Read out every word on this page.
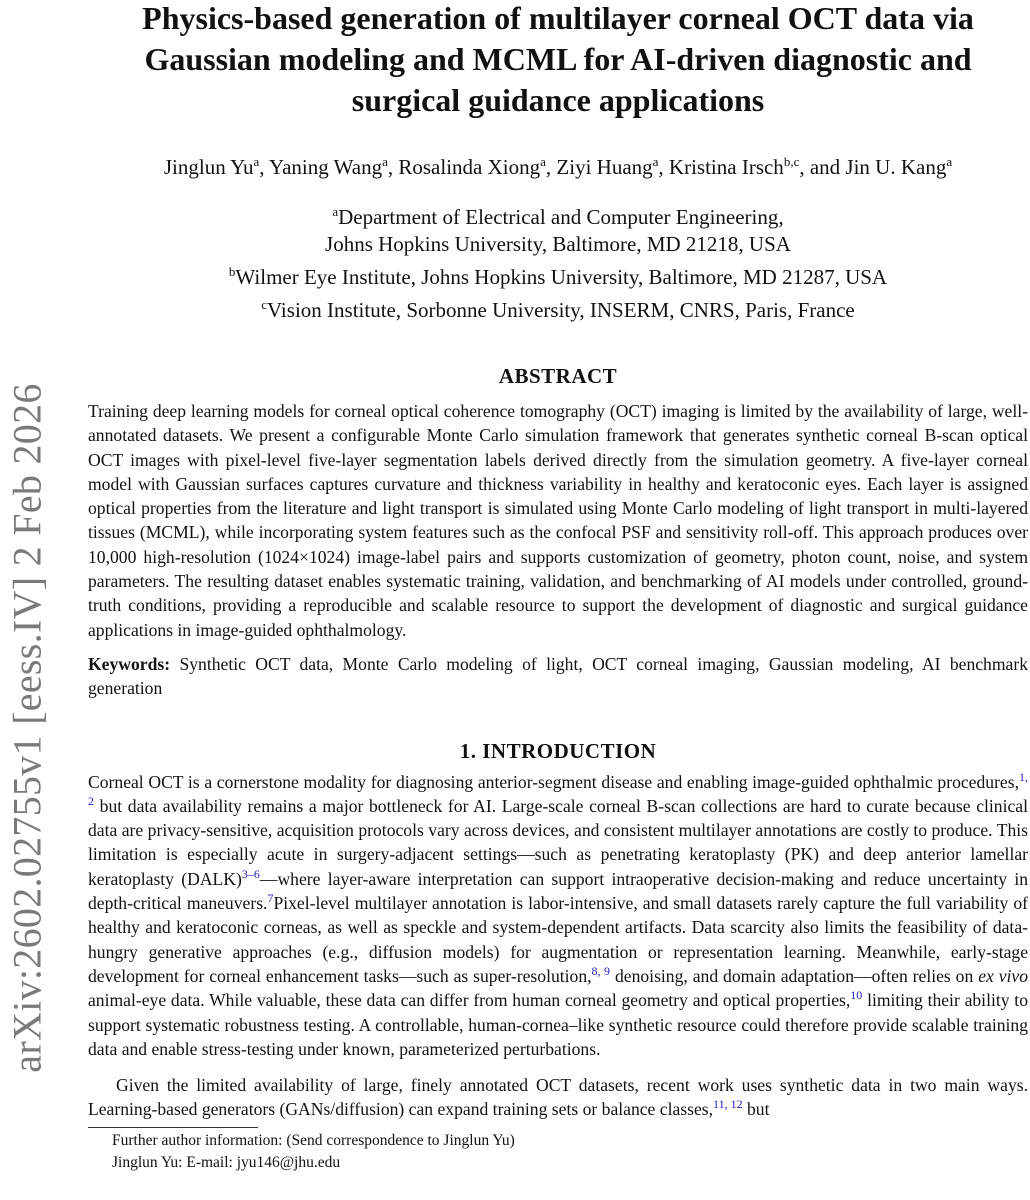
arXiv:2602.02755v1 [eess.IV] 2 Feb 2026
Physics-based generation of multilayer corneal OCT data via Gaussian modeling and MCML for AI-driven diagnostic and surgical guidance applications
Jinglun Yu$^a$, Yaning Wang$^a$, Rosalinda Xiong$^a$, Ziyi Huang$^a$, Kristina Irsch$^{b,c}$, and Jin U. Kang$^a$
$^a$Department of Electrical and Computer Engineering,
Johns Hopkins University, Baltimore, MD 21218, USA
$^b$Wilmer Eye Institute, Johns Hopkins University, Baltimore, MD 21287, USA
$^c$Vision Institute, Sorbonne University, INSERM, CNRS, Paris, France
ABSTRACT

Training deep learning models for corneal optical coherence tomography (OCT) imaging is limited by the availability of large, well-annotated datasets. We present a configurable Monte Carlo simulation framework that generates synthetic corneal B-scan optical OCT images with pixel-level five-layer segmentation labels derived directly from the simulation geometry. A five-layer corneal model with Gaussian surfaces captures curvature and thickness variability in healthy and keratoconic eyes. Each layer is assigned optical properties from the literature and light transport is simulated using Monte Carlo modeling of light transport in multi-layered tissues (MCML), while incorporating system features such as the confocal PSF and sensitivity roll-off. This approach produces over 10,000 high-resolution (1024×1024) image-label pairs and supports customization of geometry, photon count, noise, and system parameters. The resulting dataset enables systematic training, validation, and benchmarking of AI models under controlled, ground-truth conditions, providing a reproducible and scalable resource to support the development of diagnostic and surgical guidance applications in image-guided ophthalmology.

Keywords: Synthetic OCT data, Monte Carlo modeling of light, OCT corneal imaging, Gaussian modeling, AI benchmark generation

1. INTRODUCTION

Corneal OCT is a cornerstone modality for diagnosing anterior-segment disease and enabling image-guided ophthalmic procedures,$^{1, 2}$ but data availability remains a major bottleneck for AI. Large-scale corneal B-scan collections are hard to curate because clinical data are privacy-sensitive, acquisition protocols vary across devices, and consistent multilayer annotations are costly to produce. This limitation is especially acute in surgery-adjacent settings—such as penetrating keratoplasty (PK) and deep anterior lamellar keratoplasty (DALK)$^{3-6}$—where layer-aware interpretation can support intraoperative decision-making and reduce uncertainty in depth-critical maneuvers.$^7$Pixel-level multilayer annotation is labor-intensive, and small datasets rarely capture the full variability of healthy and keratoconic corneas, as well as speckle and system-dependent artifacts. Data scarcity also limits the feasibility of data-hungry generative approaches (e.g., diffusion models) for augmentation or representation learning. Meanwhile, early-stage development for corneal enhancement tasks—such as super-resolution,$^{8, 9}$ denoising, and domain adaptation—often relies on ex vivo animal-eye data. While valuable, these data can differ from human corneal geometry and optical properties,$^{10}$ limiting their ability to support systematic robustness testing. A controllable, human-cornea–like synthetic resource could therefore provide scalable training data and enable stress-testing under known, parameterized perturbations.

Given the limited availability of large, finely annotated OCT datasets, recent work uses synthetic data in two main ways. Learning-based generators (GANs/diffusion) can expand training sets or balance classes,$^{11, 12}$ but

Further author information: (Send correspondence to Jinglun Yu)
Jinglun Yu: E-mail: jyu146@jhu.edu
